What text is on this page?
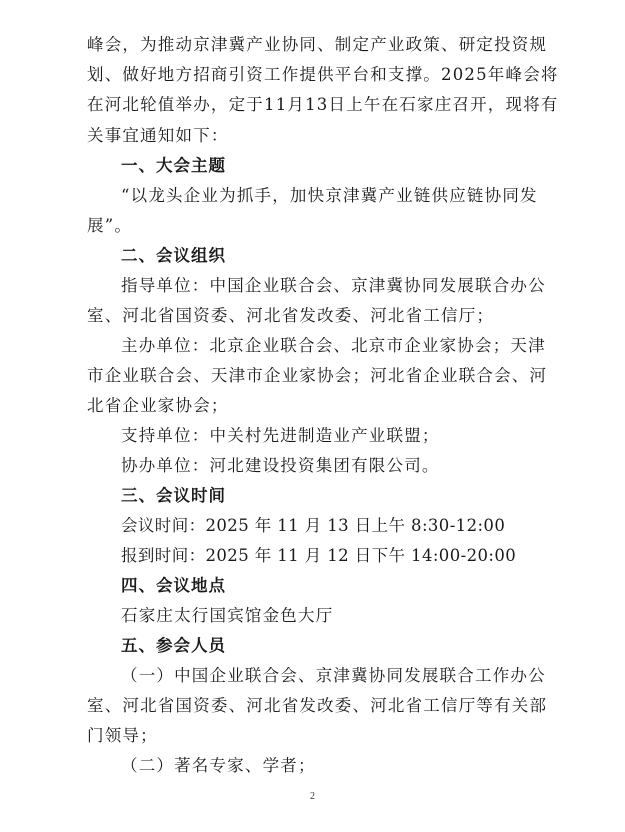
峰会，为推动京津冀产业协同、制定产业政策、研定投资规
划、做好地方招商引资工作提供平台和支撑。2025年峰会将
在河北轮值举办，定于11月13日上午在石家庄召开，现将有
关事宜通知如下：
一、大会主题
“以龙头企业为抓手，加快京津冀产业链供应链协同发
展”。
二、会议组织
指导单位：中国企业联合会、京津冀协同发展联合办公
室、河北省国资委、河北省发改委、河北省工信厅；
主办单位：北京企业联合会、北京市企业家协会；天津
市企业联合会、天津市企业家协会；河北省企业联合会、河
北省企业家协会；
支持单位：中关村先进制造业产业联盟；
协办单位：河北建设投资集团有限公司。
三、会议时间
会议时间：2025 年 11 月 13 日上午 8:30-12:00
报到时间：2025 年 11 月 12 日下午 14:00-20:00
四、会议地点
石家庄太行国宾馆金色大厅
五、参会人员
（一）中国企业联合会、京津冀协同发展联合工作办公
室、河北省国资委、河北省发改委、河北省工信厅等有关部
门领导；
（二）著名专家、学者；
2
